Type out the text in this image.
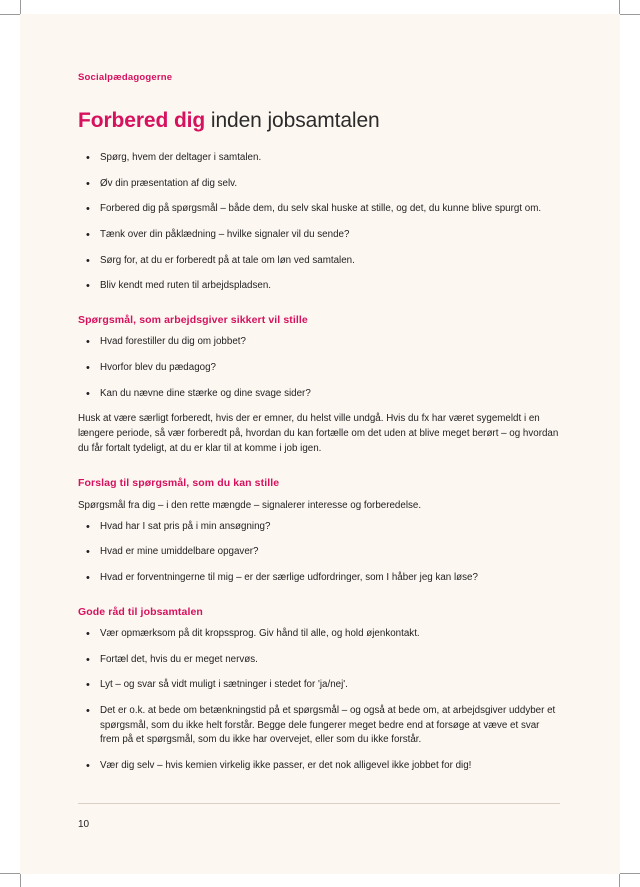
Socialpædagogerne
Forbered dig inden jobsamtalen
• Spørg, hvem der deltager i samtalen.
• Øv din præsentation af dig selv.
• Forbered dig på spørgsmål – både dem, du selv skal huske at stille, og det, du kunne blive spurgt om.
• Tænk over din påklædning – hvilke signaler vil du sende?
• Sørg for, at du er forberedt på at tale om løn ved samtalen.
• Bliv kendt med ruten til arbejdspladsen.
Spørgsmål, som arbejdsgiver sikkert vil stille
• Hvad forestiller du dig om jobbet?
• Hvorfor blev du pædagog?
• Kan du nævne dine stærke og dine svage sider?

Husk at være særligt forberedt, hvis der er emner, du helst ville undgå. Hvis du fx har været sygemeldt i en længere periode, så vær forberedt på, hvordan du kan fortælle om det uden at blive meget berørt – og hvordan du får fortalt tydeligt, at du er klar til at komme i job igen.

Forslag til spørgsmål, som du kan stille

Spørgsmål fra dig – i den rette mængde – signalerer interesse og forberedelse.

• Hvad har I sat pris på i min ansøgning?
• Hvad er mine umiddelbare opgaver?
• Hvad er forventningerne til mig – er der særlige udfordringer, som I håber jeg kan løse?
Gode råd til jobsamtalen
• Vær opmærksom på dit kropssprog. Giv hånd til alle, og hold øjenkontakt.
• Fortæl det, hvis du er meget nervøs.
• Lyt – og svar så vidt muligt i sætninger i stedet for 'ja/nej'.
• Det er o.k. at bede om betænkningstid på et spørgsmål – og også at bede om, at arbejdsgiver uddyber et spørgsmål, som du ikke helt forstår. Begge dele fungerer meget bedre end at forsøge at væve et svar frem på et spørgsmål, som du ikke har overvejet, eller som du ikke forstår.
• Vær dig selv – hvis kemien virkelig ikke passer, er det nok alligevel ikke jobbet for dig!
10
